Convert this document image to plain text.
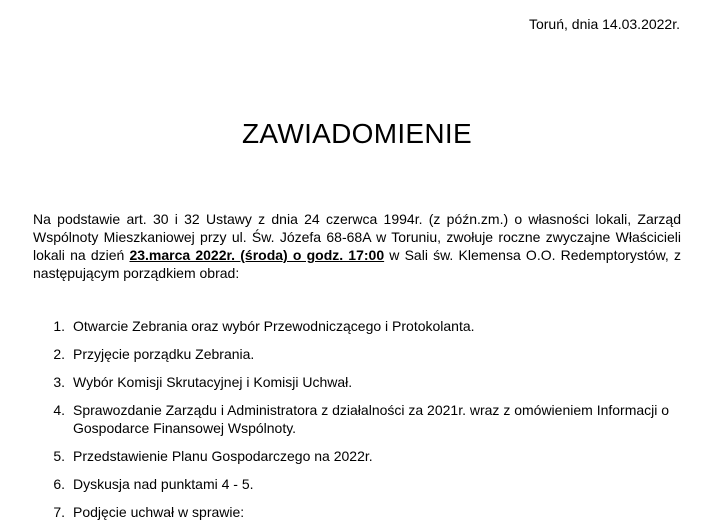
Toruń, dnia 14.03.2022r.
ZAWIADOMIENIE

Na podstawie art. 30 i 32 Ustawy z dnia 24 czerwca 1994r. (z późn.zm.) o własności lokali, Zarząd Wspólnoty Mieszkaniowej przy ul. Św. Józefa 68-68A w Toruniu, zwołuje roczne zwyczajne Właścicieli lokali na dzień 23.marca 2022r. (środa) o godz. 17:00 w Sali św. Klemensa O.O. Redemptorystów, z następującym porządkiem obrad:

1. Otwarcie Zebrania oraz wybór Przewodniczącego i Protokolanta.
2. Przyjęcie porządku Zebrania.
3. Wybór Komisji Skrutacyjnej i Komisji Uchwał.
4. Sprawozdanie Zarządu i Administratora z działalności za 2021r. wraz z omówieniem Informacji o Gospodarce Finansowej Wspólnoty.
5. Przedstawienie Planu Gospodarczego na 2022r.
6. Dyskusja nad punktami 4 - 5.
7. Podjęcie uchwał w sprawie:
